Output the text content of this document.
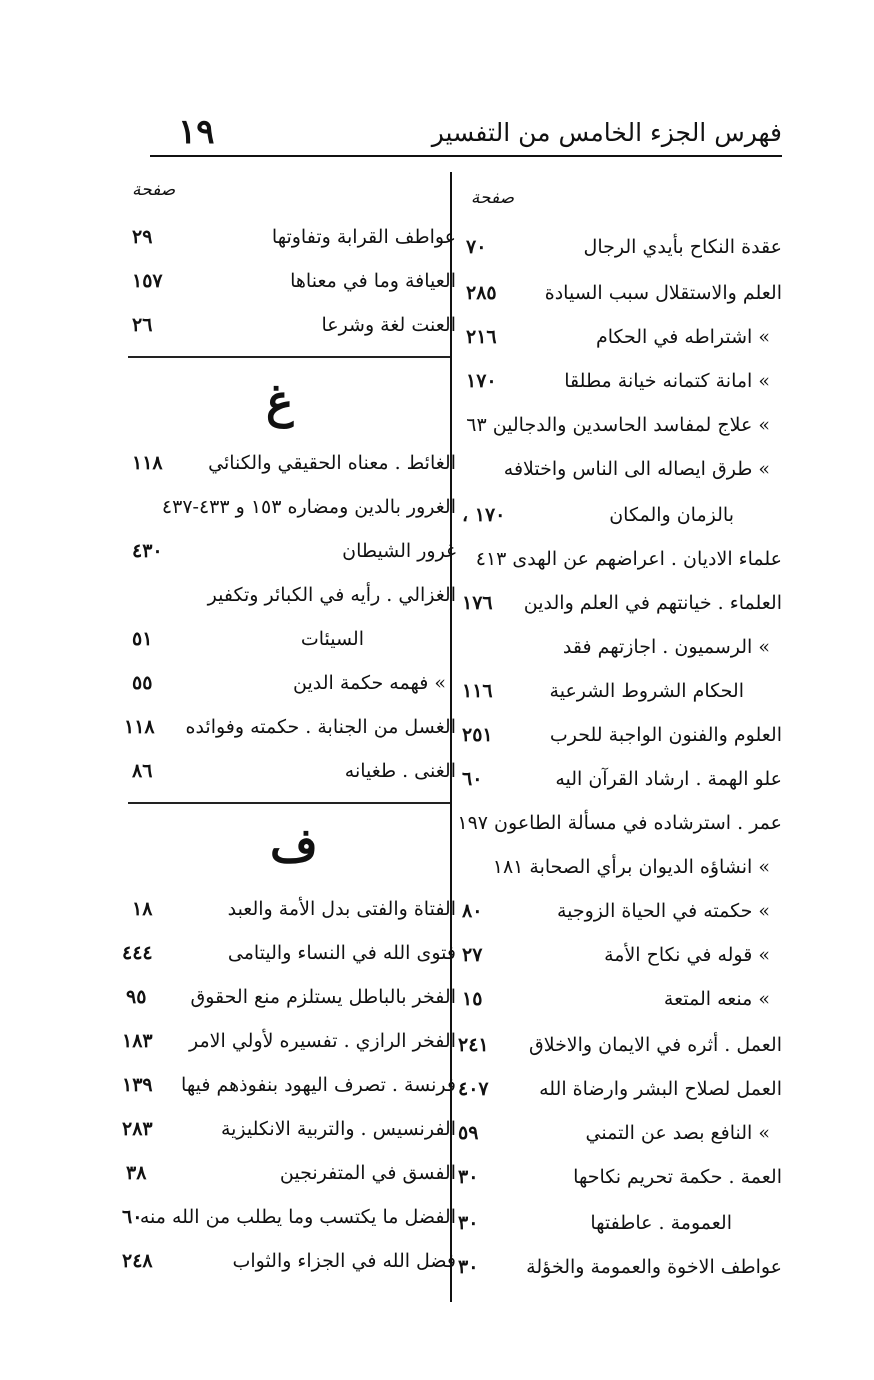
فهرس الجزء الخامس من التفسير
١٩
صفحة
عقدة النكاح بأيدي الرجال
٧٠
العلم والاستقلال سبب السيادة
٢٨٥
» اشتراطه في الحكام
٢١٦
» امانة كتمانه خيانة مطلقا
١٧٠
» علاج لمفاسد الحاسدين والدجالين ٦٣
» طرق ايصاله الى الناس واختلافه
بالزمان والمكان
١٧٠ ،
علماء الاديان . اعراضهم عن الهدى ٤١٣
العلماء . خيانتهم في العلم والدين
١٧٦
» الرسميون . اجازتهم فقد
الحكام الشروط الشرعية
١١٦
العلوم والفنون الواجبة للحرب
٢٥١
علو الهمة . ارشاد القرآن اليه
٦٠
عمر . استرشاده في مسألة الطاعون ١٩٧
» انشاؤه الديوان برأي الصحابة ١٨١
» حكمته في الحياة الزوجية
٨٠
» قوله في نكاح الأمة
٢٧
» منعه المتعة
١٥
العمل . أثره في الايمان والاخلاق
٢٤١
العمل لصلاح البشر وارضاة الله
٤٠٧
» النافع بصد عن التمني
٥٩
العمة . حكمة تحريم نكاحها
٣٠
العمومة . عاطفتها
٣٠
عواطف الاخوة والعمومة والخؤلة
٣٠
صفحة
عواطف القرابة وتفاوتها
٢٩
العيافة وما في معناها
١٥٧
العنت لغة وشرعا
٢٦
غ
الغائط . معناه الحقيقي والكنائي
١١٨
الغرور بالدين ومضاره ١٥٣ و ٤٣٣-٤٣٧
غرور الشيطان
٤٣٠
الغزالي . رأيه في الكبائر وتكفير
السيئات
٥١
» فهمه حكمة الدين
٥٥
الغسل من الجنابة . حكمته وفوائده
١١٨
الغنى . طغيانه
٨٦
ف
الفتاة والفتى بدل الأمة والعبد
١٨
فتوى الله في النساء واليتامى
٤٤٤
الفخر بالباطل يستلزم منع الحقوق
٩٥
الفخر الرازي . تفسيره لأولي الامر
١٨٣
فرنسة . تصرف اليهود بنفوذهم فيها
١٣٩
الفرنسيس . والتربية الانكليزية
٢٨٣
الفسق في المتفرنجين
٣٨
الفضل ما يكتسب وما يطلب من الله منه
٦٠
فضل الله في الجزاء والثواب
٢٤٨
